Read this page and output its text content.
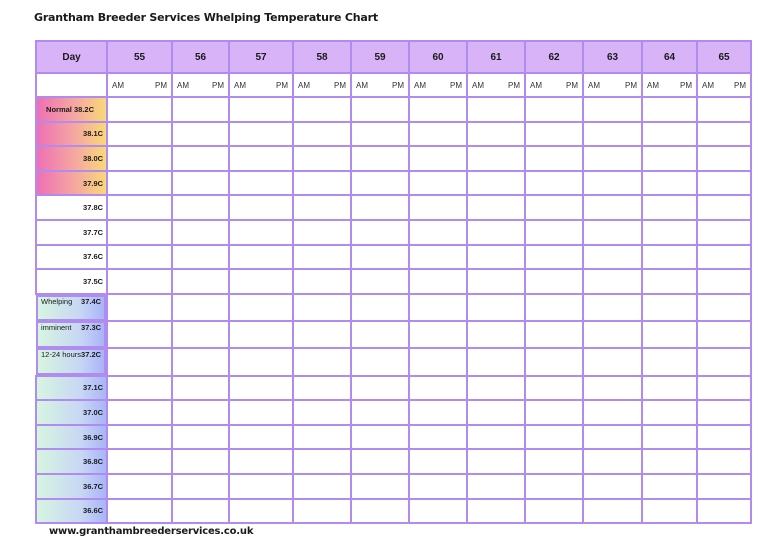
Grantham Breeder Services Whelping Temperature Chart
Day	55	56	57	58	59	60	61	62	63	64	65

	AM PM	AM PM	AM PM	AM PM	AM PM	AM PM	AM PM	AM PM	AM PM	AM PM	AM PM

Normal 38.2C											
38.1C											
38.0C											
37.9C											
37.8C											
37.7C											
37.6C											
37.5C											

Whelping 37.4C

imminent 37.3C

12-24 hours 37.2C

37.1C											
37.0C											
36.9C											
36.8C											
36.7C											
36.6C											
www.granthambreederservices.co.uk
